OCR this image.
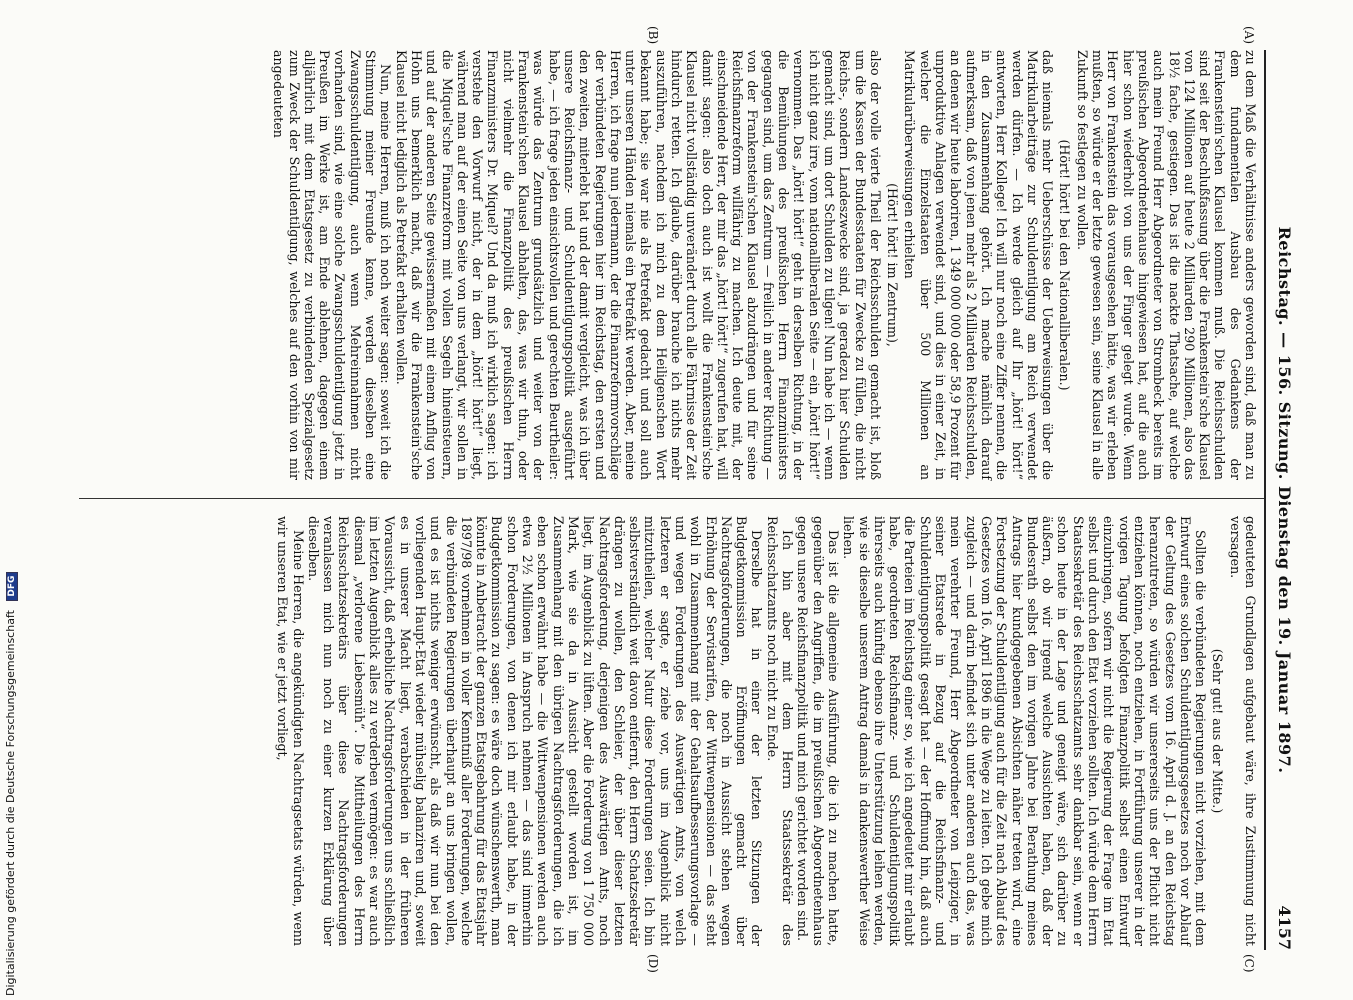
Reichstag. — 156. Sitzung. Dienstag den 19. Januar 1897.
4157
(A)
(B)
(C)
(D)

zu dem Maß die Verhältnisse anders geworden sind, daß man zu dem fundamentalen Ausbau des Gedankens der Frankenstein'schen Klausel kommen muß. Die Reichsschulden sind seit der Beschlußfassung über die Frankenstein'sche Klausel von 124 Millionen auf heute 2 Milliarden 290 Millionen, also das 18½ fache, gestiegen. Das ist die nackte Thatsache, auf welche auch mein Freund Herr Abgeordneter von Strombeck bereits im preußischen Abgeordnetenhause hingewiesen hat, auf die auch hier schon wiederholt von uns der Finger gelegt wurde. Wenn Herr von Frankenstein das vorausgesehen hätte, was wir erleben mußten, so würde er der letzte gewesen sein, seine Klausel in alle Zukunft so festlegen zu wollen.

(Hört! hört! bei den Nationalliberalen.)

daß niemals mehr Ueberschüsse der Ueberweisungen über die Matrikularbeiträge zur Schuldentilgung am Reich verwendet werden dürfen. — Ich werde gleich auf Ihr „hört! hört!“ antworten, Herr Kollege! Ich will nur noch eine Ziffer nennen, die in den Zusammenhang gehört. Ich mache nämlich darauf aufmerksam, daß von jenen mehr als 2 Milliarden Reichsschulden, an denen wir heute laboriren, 1 349 000 000 oder 58,9 Prozent für unproduktive Anlagen verwendet sind, und dies in einer Zeit, in welcher die Einzelstaaten über 500 Millionen an Matrikularüberweisungen erhielten

(Hört! hört! im Zentrum),

also der volle vierte Theil der Reichsschulden gemacht ist, bloß um die Kassen der Bundesstaaten für Zwecke zu füllen, die nicht Reichs-, sondern Landeszwecke sind, ja geradezu hier Schulden gemacht sind, um dort Schulden zu tilgen! Nun habe ich — wenn ich nicht ganz irre, vom nationalliberalen Seite — ein „hört! hört!“ vernommen. Das „hört! hört!“ geht in derselben Richtung, in der die Bemühungen des preußischen Herrn Finanzministers gegangen sind, um das Zentrum — freilich in anderer Richtung — von der Frankenstein'schen Klausel abzudrängen und für seine Reichsfinanzreform willfährig zu machen. Ich deute mit, der einschneidende Herr, der mir das „hört! hört!“ zugerufen hat, will damit sagen: also doch auch ist wollt die Frankenstein'sche Klausel nicht vollständig unverändert durch alle Fährnisse der Zeit hindurch retten. Ich glaube, darüber brauche ich nichts mehr auszuführen, nachdem ich mich zu dem Heiligenschen Wort bekannt habe; sie war nie als Petrefakt gedacht und soll auch unter unseren Händen niemals ein Petrefakt werden. Aber, meine Herren, ich frage nun jedermann, der die Finanzreformvorschläge der verbündeten Regierungen hier im Reichstag, den ersten und den zweiten, miterlebt hat und der damit vergleicht, was ich über unsere Reichsfinanz- und Schuldentilgungspolitik ausgeführt habe, — ich frage jeden einsichtsvollen und gerechten Beurtheiler: was würde das Zentrum grundsätzlich und weiter von der Frankenstein'schen Klausel abhalten, das, was wir thun, oder nicht vielmehr die Finanzpolitik des preußischen Herrn Finanzministers Dr. Miquel? Und da muß ich wirklich sagen: ich verstehe den Vorwurf nicht, der in dem „hört! hört!“ liegt, während man auf der einen Seite von uns verlangt, wir sollen in die Miquel'sche Finanzreform mit vollen Segeln hineinsteuern, und auf der anderen Seite gewissermaßen mit einem Anflug von Hohn uns bemerklich macht, daß wir die Frankenstein'sche Klausel nicht lediglich als Petrefakt erhalten wollen.

Nun, meine Herren, muß ich noch weiter sagen: soweit ich die Stimmung meiner Freunde kenne, werden dieselben eine Zwangsschuldentilgung, auch wenn Mehreinnahmen nicht vorhanden sind, wie eine solche Zwangsschuldentilgung jetzt in Preußen im Werke ist, am Ende ablehnen, dagegen einem alljährlich mit dem Etatsgesetz zu verbindenden Spezialgesetz zum Zweck der Schuldentilgung, welches auf den vorhin von mir angedeuteten

gedeuteten Grundlagen aufgebaut wäre, ihre Zustimmung nicht versagen.

(Sehr gut! aus der Mitte.)

Sollten die verbündeten Regierungen nicht vorziehen, mit dem Entwurf eines solchen Schuldentilgungsgesetzes noch vor Ablauf der Geltung des Gesetzes vom 16. April d. J. an den Reichstag heranzutreten, so würden wir unsererseits uns der Pflicht nicht entziehen können, noch entziehen, in Fortführung unserer in der vorigen Tagung befolgten Finanzpolitik selbst einen Entwurf einzubringen, sofern wir nicht die Regierung der Frage im Etat selbst und durch den Etat vorziehen sollten. Ich würde dem Herrn Staatssekretär des Reichsschatzamts sehr dankbar sein, wenn er schon heute in der Lage und geneigt wäre, sich darüber zu äußern, ob wir irgend welche Aussichten haben, daß der Bundesrath selbst den im vorigen Jahre bei Berathung meines Antrags hier kundgegebenen Absichten näher treten wird, eine Fortsetzung der Schuldentilgung auch für die Zeit nach Ablauf des Gesetzes vom 16. April 1896 in die Wege zu leiten. Ich gebe mich zugleich — und darin befindet sich unter anderen auch das, was mein verehrter Freund, Herr Abgeordneter von Leipziger, in seiner Etatsrede in Bezug auf die Reichsfinanz- und Schuldentilgungspolitik gesagt hat — der Hoffnung hin, daß auch die Parteien im Reichstag einer so, wie ich angedeutet mir erlaubt habe, geordneten Reichsfinanz- und Schuldentilgungspolitik ihrerseits auch künftig ebenso ihre Unterstützung leihen werden, wie sie dieselbe unserem Antrag damals in dankenswerther Weise liehen.

Das ist die allgemeine Ausführung, die ich zu machen hatte, gegenüber den Angriffen, die im preußischen Abgeordnetenhaus gegen unsere Reichsfinanzpolitik und mich gerichtet worden sind.

Ich bin aber mit dem Herrn Staatssekretär des Reichsschatzamts noch nicht zu Ende.

Derselbe hat in einer der letzten Sitzungen der Budgetkommission Eröffnungen gemacht über Nachtragsforderungen, die noch in Aussicht stehen wegen Erhöhung der Servistarifen, der Wittwenpensionen — das steht wohl in Zusammenhang mit der Gehaltsaufbesserungsvorlage — und wegen Forderungen des Auswärtigen Amts, von welch letzteren er sagte, er ziehe vor, uns im Augenblick nicht mitzutheilen, welcher Natur diese Forderungen seien. Ich bin selbstverständlich weit davon entfernt, den Herrn Schatzsekretär drängen zu wollen, den Schleier, der über dieser letzten Nachtragsforderung, derjenigen des Auswärtigen Amts, noch liegt, im Augenblick zu lüften. Aber die Forderung von 1 750 000 Mark, wie sie da in Aussicht gestellt worden ist, im Zusammenhang mit den übrigen Nachtragsforderungen, die ich eben schon erwähnt habe — die Wittwenpensionen werden auch etwa 2½ Millionen in Anspruch nehmen — das sind immerhin schon Forderungen, von denen ich mir erlaubt habe, in der Budgetkommission zu sagen: es wäre doch wünschenswerth, man könnte in Anbetracht der ganzen Etatsgebahrung für das Etatsjahr 1897/98 vornehmen in voller Kenntniß aller Forderungen, welche die verbündeten Regierungen überhaupt an uns bringen wollen, und es ist nichts weniger erwünscht, als daß wir nun bei den vorliegenden Haupt-Etat wieder mühselig balanziren und, soweit es in unserer Macht liegt, verabschieden in der früheren Voraussicht, daß erhebliche Nachtragsforderungen uns schließlich im letzten Augenblick alles zu verderben vermögen: es war auch diesmal „verlorene Liebesmüh“. Die Mittheilungen des Herrn Reichsschatzsekretärs über diese Nachtragsforderungen veranlassen mich nun noch zu einer kurzen Erklärung über dieselben.

Meine Herren, die angekündigten Nachtragsetats würden, wenn wir unseren Etat, wie er jetzt vorliegt,

Digitalisierung gefördert durch die Deutsche Forschungsgemeinschaft DFG
